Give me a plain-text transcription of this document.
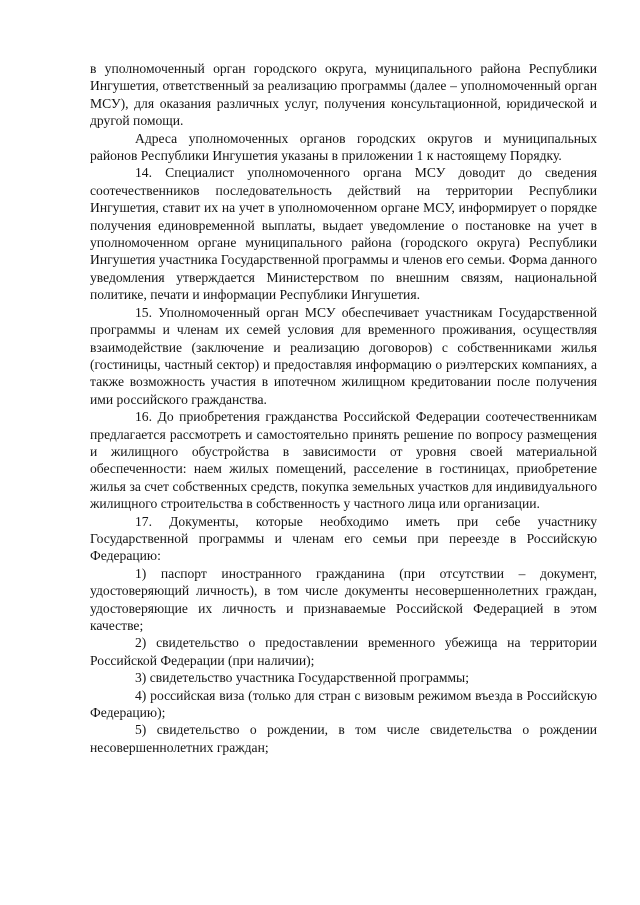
в уполномоченный орган городского округа, муниципального района Республики Ингушетия, ответственный за реализацию программы (далее – уполномоченный орган МСУ), для оказания различных услуг, получения консультационной, юридической и другой помощи.

Адреса уполномоченных органов городских округов и муниципальных районов Республики Ингушетия указаны в приложении 1 к настоящему Порядку.

14. Специалист уполномоченного органа МСУ доводит до сведения соотечественников последовательность действий на территории Республики Ингушетия, ставит их на учет в уполномоченном органе МСУ, информирует о порядке получения единовременной выплаты, выдает уведомление о постановке на учет в уполномоченном органе муниципального района (городского округа) Республики Ингушетия участника Государственной программы и членов его семьи. Форма данного уведомления утверждается Министерством по внешним связям, национальной политике, печати и информации Республики Ингушетия.

15. Уполномоченный орган МСУ обеспечивает участникам Государственной программы и членам их семей условия для временного проживания, осуществляя взаимодействие (заключение и реализацию договоров) с собственниками жилья (гостиницы, частный сектор) и предоставляя информацию о риэлтерских компаниях, а также возможность участия в ипотечном жилищном кредитовании после получения ими российского гражданства.

16. До приобретения гражданства Российской Федерации соотечественникам предлагается рассмотреть и самостоятельно принять решение по вопросу размещения и жилищного обустройства в зависимости от уровня своей материальной обеспеченности: наем жилых помещений, расселение в гостиницах, приобретение жилья за счет собственных средств, покупка земельных участков для индивидуального жилищного строительства в собственность у частного лица или организации.

17. Документы, которые необходимо иметь при себе участнику Государственной программы и членам его семьи при переезде в Российскую Федерацию:

1) паспорт иностранного гражданина (при отсутствии – документ, удостоверяющий личность), в том числе документы несовершеннолетних граждан, удостоверяющие их личность и признаваемые Российской Федерацией в этом качестве;

2) свидетельство о предоставлении временного убежища на территории Российской Федерации (при наличии);

3) свидетельство участника Государственной программы;

4) российская виза (только для стран с визовым режимом въезда в Российскую Федерацию);

5) свидетельство о рождении, в том числе свидетельства о рождении несовершеннолетних граждан;
